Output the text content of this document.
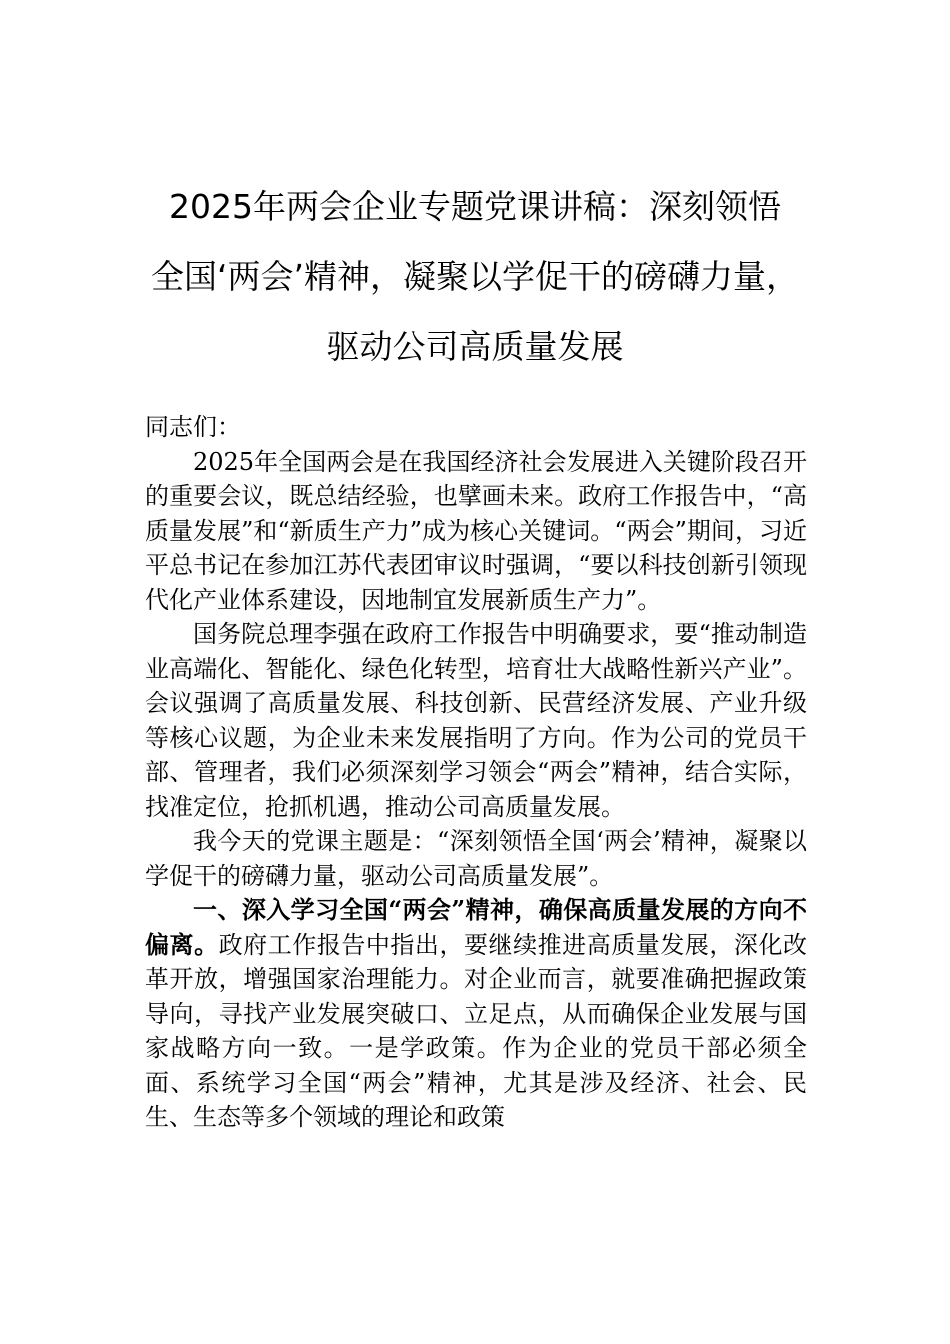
2025年两会企业专题党课讲稿：深刻领悟
全国‘两会’精神，凝聚以学促干的磅礴力量，
驱动公司高质量发展

同志们：

2025年全国两会是在我国经济社会发展进入关键阶段召开的重要会议，既总结经验，也擘画未来。政府工作报告中，“高质量发展”和“新质生产力”成为核心关键词。“两会”期间，习近平总书记在参加江苏代表团审议时强调，“要以科技创新引领现代化产业体系建设，因地制宜发展新质生产力”。

国务院总理李强在政府工作报告中明确要求，要“推动制造业高端化、智能化、绿色化转型，培育壮大战略性新兴产业”。会议强调了高质量发展、科技创新、民营经济发展、产业升级等核心议题，为企业未来发展指明了方向。作为公司的党员干部、管理者，我们必须深刻学习领会“两会”精神，结合实际，找准定位，抢抓机遇，推动公司高质量发展。

我今天的党课主题是：“深刻领悟全国‘两会’精神，凝聚以学促干的磅礴力量，驱动公司高质量发展”。

一、深入学习全国“两会”精神，确保高质量发展的方向不偏离。政府工作报告中指出，要继续推进高质量发展，深化改革开放，增强国家治理能力。对企业而言，就要准确把握政策导向，寻找产业发展突破口、立足点，从而确保企业发展与国家战略方向一致。一是学政策。作为企业的党员干部必须全面、系统学习全国“两会”精神，尤其是涉及经济、社会、民生、生态等多个领域的理论和政策
